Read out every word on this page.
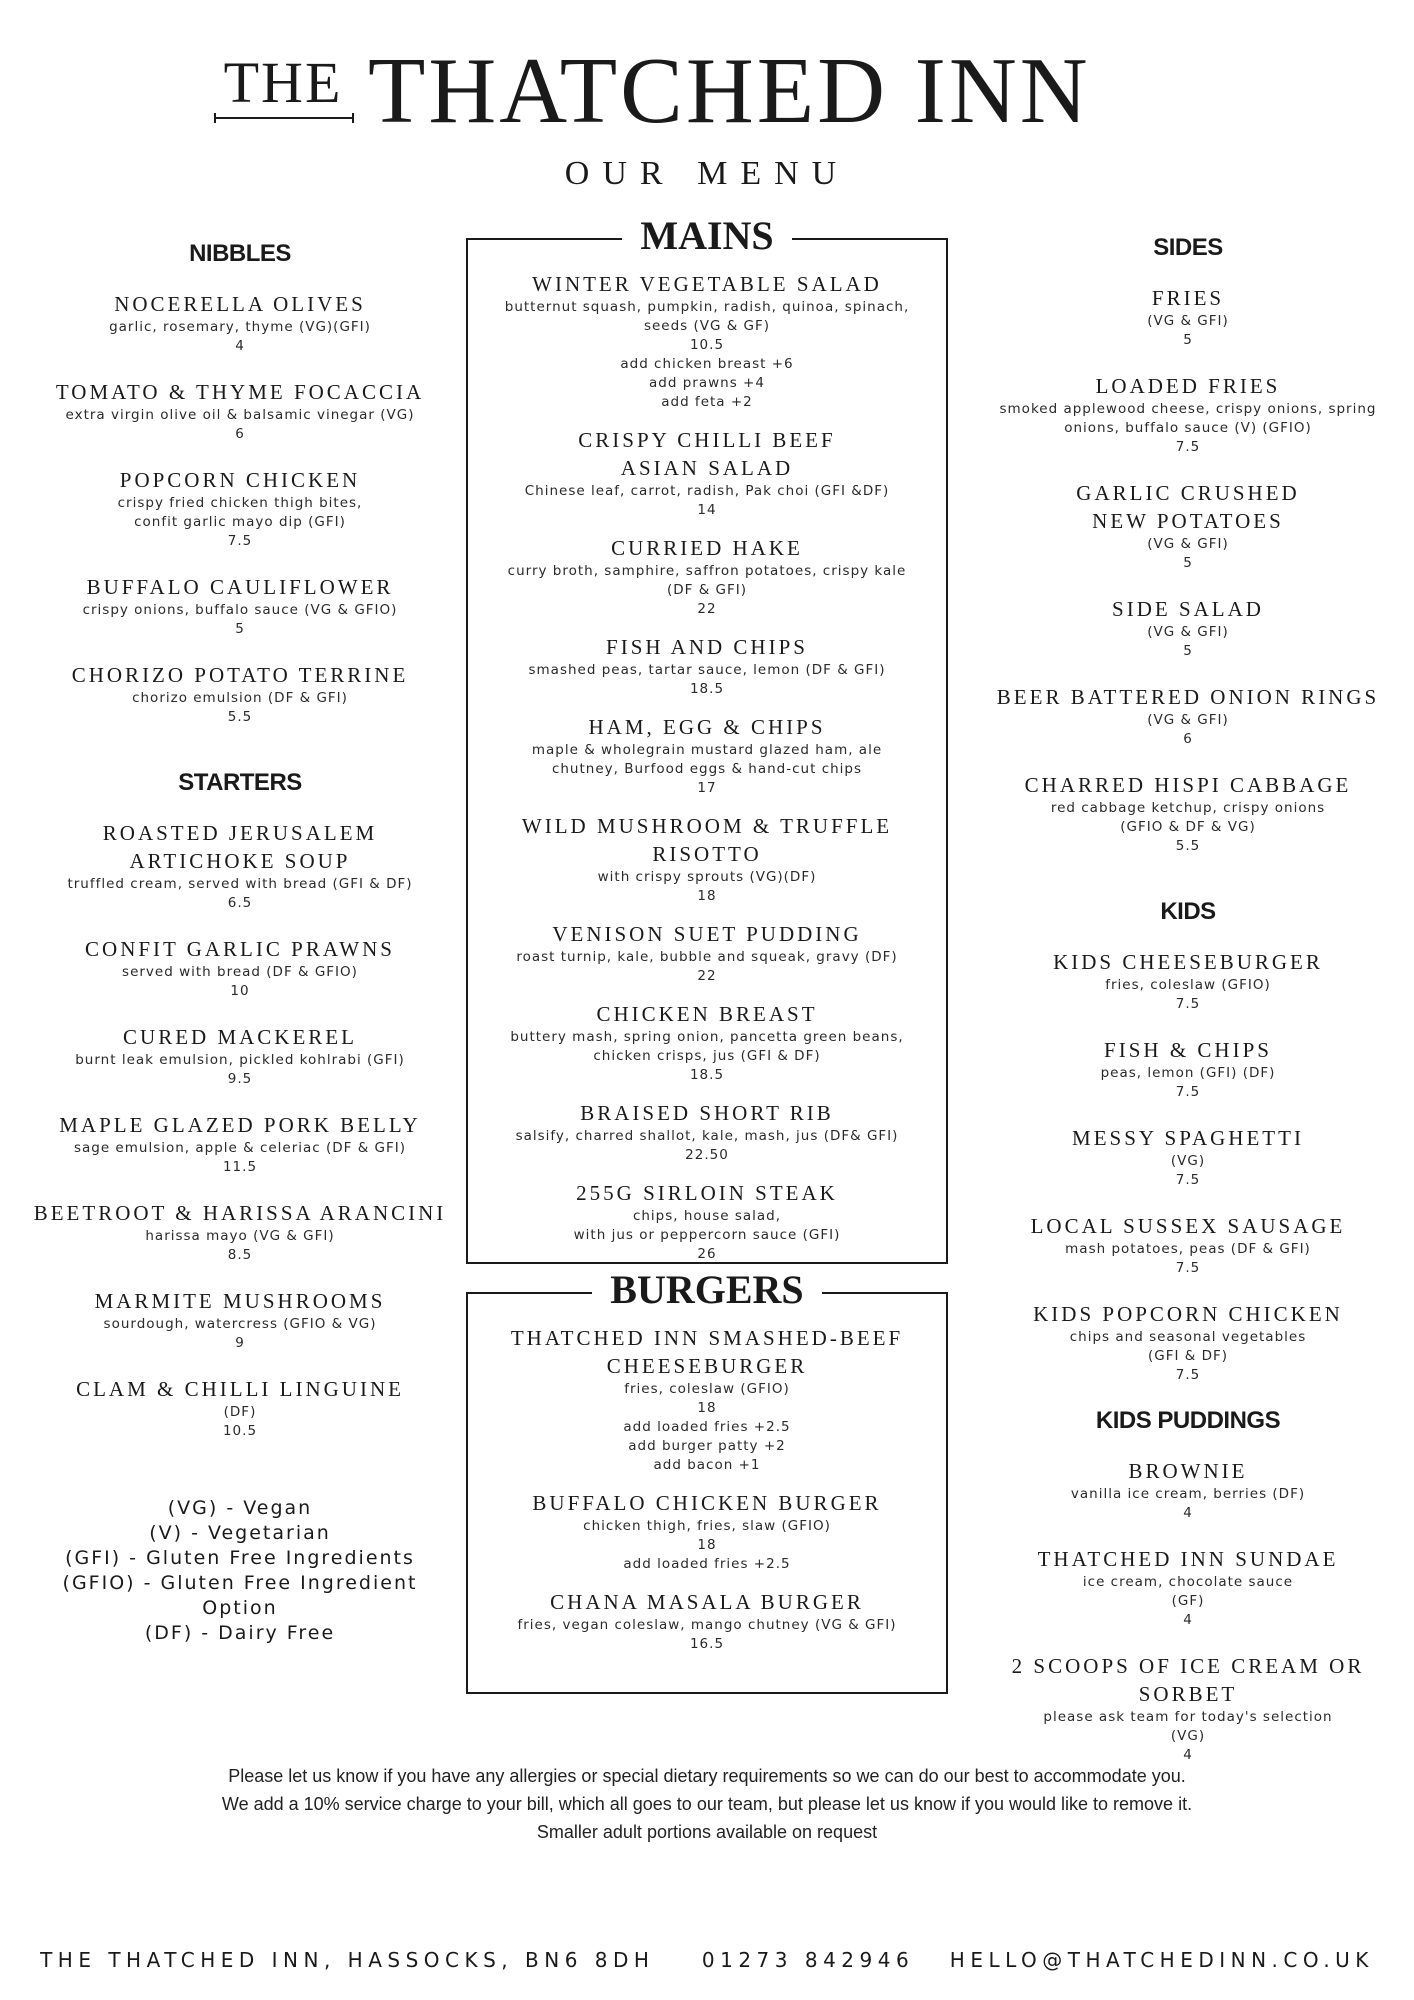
THE THATCHED INN
OUR MENU
NIBBLES
NOCERELLA OLIVES
garlic, rosemary, thyme (VG)(GFI)
4
TOMATO & THYME FOCACCIA
extra virgin olive oil & balsamic vinegar (VG)
6
POPCORN CHICKEN
crispy fried chicken thigh bites,
confit garlic mayo dip (GFI)
7.5
BUFFALO CAULIFLOWER
crispy onions, buffalo sauce (VG & GFIO)
5
CHORIZO POTATO TERRINE
chorizo emulsion (DF & GFI)
5.5
STARTERS
ROASTED JERUSALEM
ARTICHOKE SOUP
truffled cream, served with bread (GFI & DF)
6.5
CONFIT GARLIC PRAWNS
served with bread (DF & GFIO)
10
CURED MACKEREL
burnt leak emulsion, pickled kohlrabi (GFI)
9.5
MAPLE GLAZED PORK BELLY
sage emulsion, apple & celeriac (DF & GFI)
11.5
BEETROOT & HARISSA ARANCINI
harissa mayo (VG & GFI)
8.5
MARMITE MUSHROOMS
sourdough, watercress (GFIO & VG)
9
CLAM & CHILLI LINGUINE
(DF)
10.5
(VG) - Vegan
(V) - Vegetarian
(GFI) - Gluten Free Ingredients
(GFIO) - Gluten Free Ingredient
Option
(DF) - Dairy Free
MAINS
WINTER VEGETABLE SALAD
butternut squash, pumpkin, radish, quinoa, spinach,
seeds (VG & GF)
10.5
add chicken breast +6
add prawns +4
add feta +2
CRISPY CHILLI BEEF
ASIAN SALAD
Chinese leaf, carrot, radish, Pak choi (GFI &DF)
14
CURRIED HAKE
curry broth, samphire, saffron potatoes, crispy kale
(DF & GFI)
22
FISH AND CHIPS
smashed peas, tartar sauce, lemon (DF & GFI)
18.5
HAM, EGG & CHIPS
maple & wholegrain mustard glazed ham, ale
chutney, Burfood eggs & hand-cut chips
17
WILD MUSHROOM & TRUFFLE
RISOTTO
with crispy sprouts (VG)(DF)
18
VENISON SUET PUDDING
roast turnip, kale, bubble and squeak, gravy (DF)
22
CHICKEN BREAST
buttery mash, spring onion, pancetta green beans,
chicken crisps, jus (GFI & DF)
18.5
BRAISED SHORT RIB
salsify, charred shallot, kale, mash, jus (DF& GFI)
22.50
255G SIRLOIN STEAK
chips, house salad,
with jus or peppercorn sauce (GFI)
26
BURGERS
THATCHED INN SMASHED-BEEF
CHEESEBURGER
fries, coleslaw (GFIO)
18
add loaded fries +2.5
add burger patty +2
add bacon +1
BUFFALO CHICKEN BURGER
chicken thigh, fries, slaw (GFIO)
18
add loaded fries +2.5
CHANA MASALA BURGER
fries, vegan coleslaw, mango chutney (VG & GFI)
16.5
SIDES
FRIES
(VG & GFI)
5
LOADED FRIES
smoked applewood cheese, crispy onions, spring
onions, buffalo sauce (V) (GFIO)
7.5
GARLIC CRUSHED
NEW POTATOES
(VG & GFI)
5
SIDE SALAD
(VG & GFI)
5
BEER BATTERED ONION RINGS
(VG & GFI)
6
CHARRED HISPI CABBAGE
red cabbage ketchup, crispy onions
(GFIO & DF & VG)
5.5
KIDS
KIDS CHEESEBURGER
fries, coleslaw (GFIO)
7.5
FISH & CHIPS
peas, lemon (GFI) (DF)
7.5
MESSY SPAGHETTI
(VG)
7.5
LOCAL SUSSEX SAUSAGE
mash potatoes, peas (DF & GFI)
7.5
KIDS POPCORN CHICKEN
chips and seasonal vegetables
(GFI & DF)
7.5
KIDS PUDDINGS
BROWNIE
vanilla ice cream, berries (DF)
4
THATCHED INN SUNDAE
ice cream, chocolate sauce
(GF)
4
2 SCOOPS OF ICE CREAM OR
SORBET
please ask team for today's selection
(VG)
4
Please let us know if you have any allergies or special dietary requirements so we can do our best to accommodate you.
We add a 10% service charge to your bill, which all goes to our team, but please let us know if you would like to remove it.
Smaller adult portions available on request
THE THATCHED INN, HASSOCKS, BN6 8DH    01273 842946   HELLO@THATCHEDINN.CO.UK
